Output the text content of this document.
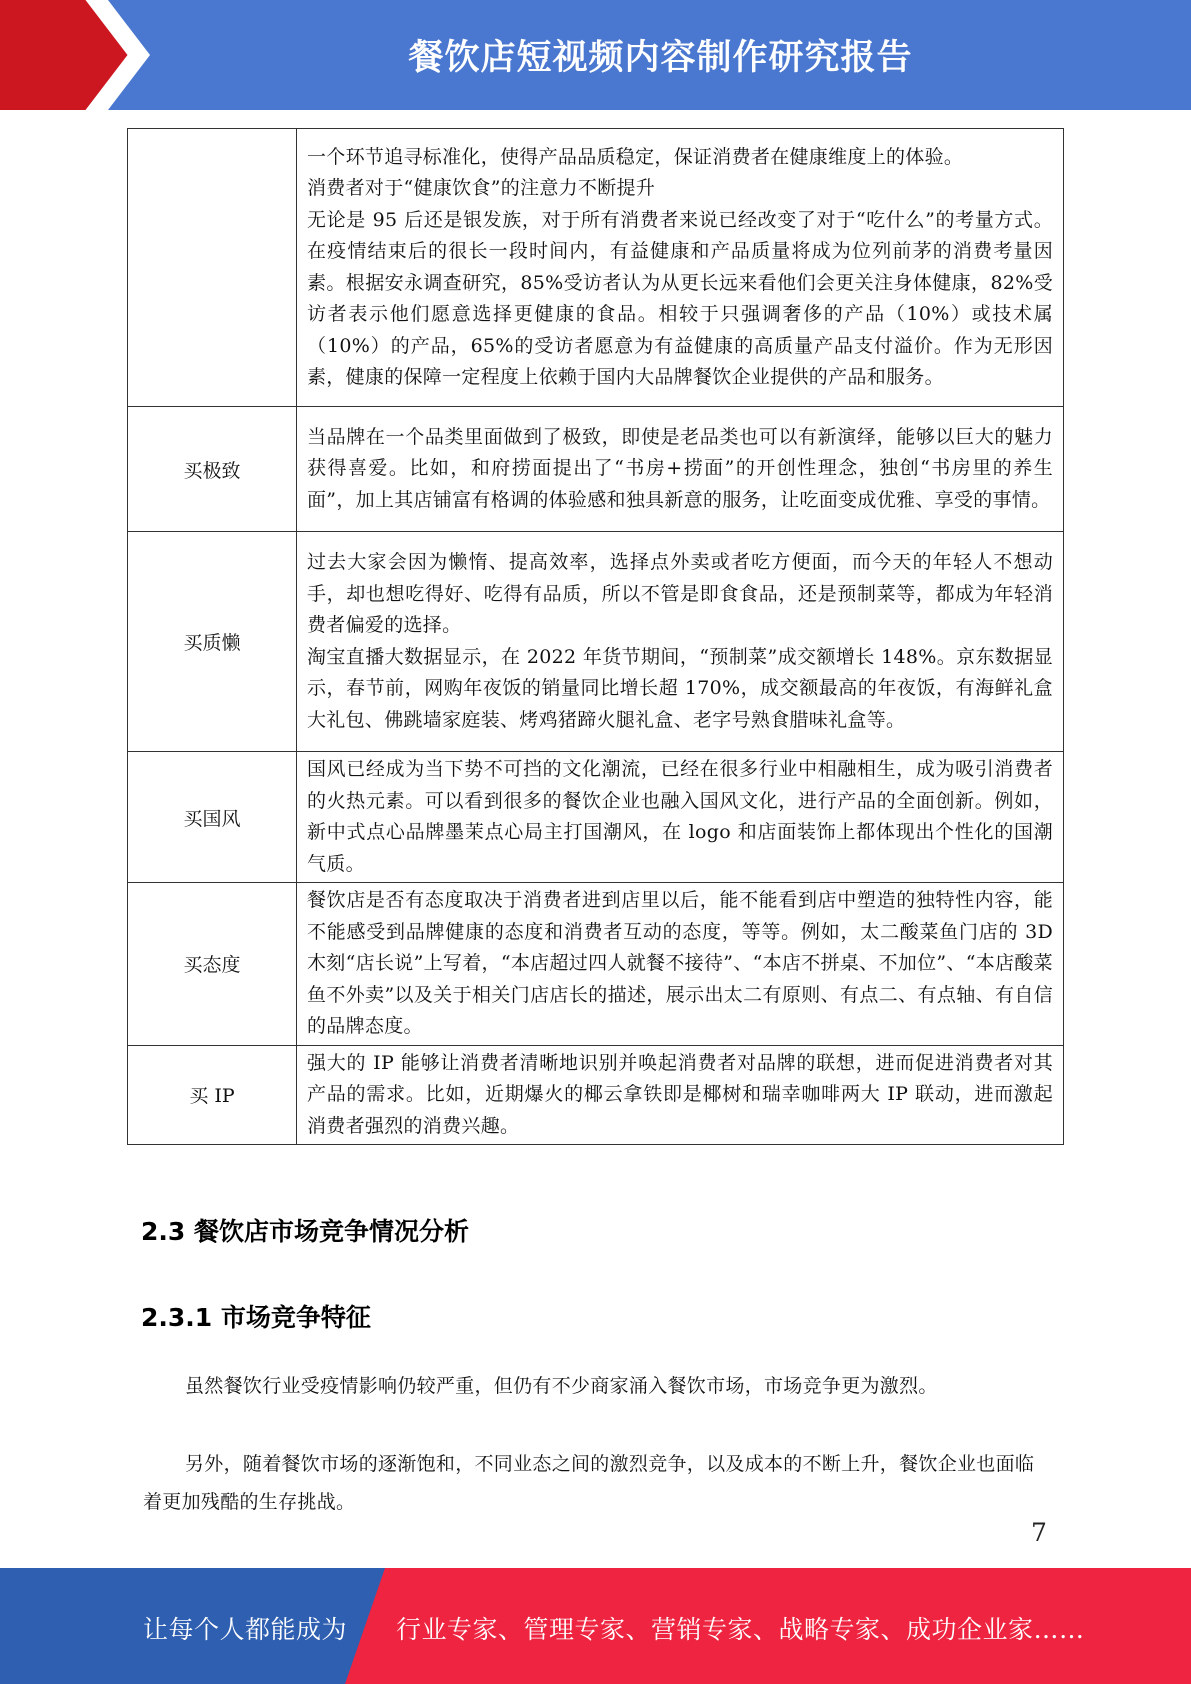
餐饮店短视频内容制作研究报告

	一个环节追寻标准化，使得产品品质稳定，保证消费者在健康维度上的体验。

消费者对于“健康饮食”的注意力不断提升

无论是 95 后还是银发族，对于所有消费者来说已经改变了对于“吃什么”的考量方式。在疫情结束后的很长一段时间内，有益健康和产品质量将成为位列前茅的消费考量因素。根据安永调查研究，85%受访者认为从更长远来看他们会更关注身体健康，82%受访者表示他们愿意选择更健康的食品。相较于只强调奢侈的产品（10%）或技术属（10%）的产品，65%的受访者愿意为有益健康的高质量产品支付溢价。作为无形因素，健康的保障一定程度上依赖于国内大品牌餐饮企业提供的产品和服务。

买极致	当品牌在一个品类里面做到了极致，即使是老品类也可以有新演绎，能够以巨大的魅力获得喜爱。比如，和府捞面提出了“书房+捞面”的开创性理念，独创“书房里的养生面”，加上其店铺富有格调的体验感和独具新意的服务，让吃面变成优雅、享受的事情。

买质懒	过去大家会因为懒惰、提高效率，选择点外卖或者吃方便面，而今天的年轻人不想动手，却也想吃得好、吃得有品质，所以不管是即食食品，还是预制菜等，都成为年轻消费者偏爱的选择。

淘宝直播大数据显示，在 2022 年货节期间，“预制菜”成交额增长 148%。京东数据显示，春节前，网购年夜饭的销量同比增长超 170%，成交额最高的年夜饭，有海鲜礼盒大礼包、佛跳墙家庭装、烤鸡猪蹄火腿礼盒、老字号熟食腊味礼盒等。

买国风	国风已经成为当下势不可挡的文化潮流，已经在很多行业中相融相生，成为吸引消费者的火热元素。可以看到很多的餐饮企业也融入国风文化，进行产品的全面创新。例如，新中式点心品牌墨茉点心局主打国潮风，在 logo 和店面装饰上都体现出个性化的国潮气质。

买态度	餐饮店是否有态度取决于消费者进到店里以后，能不能看到店中塑造的独特性内容，能不能感受到品牌健康的态度和消费者互动的态度，等等。例如，太二酸菜鱼门店的 3D 木刻“店长说”上写着，“本店超过四人就餐不接待”、“本店不拼桌、不加位”、“本店酸菜鱼不外卖”以及关于相关门店店长的描述，展示出太二有原则、有点二、有点轴、有自信的品牌态度。

买 IP	强大的 IP 能够让消费者清晰地识别并唤起消费者对品牌的联想，进而促进消费者对其产品的需求。比如，近期爆火的椰云拿铁即是椰树和瑞幸咖啡两大 IP 联动，进而激起消费者强烈的消费兴趣。

2.3 餐饮店市场竞争情况分析
2.3.1 市场竞争特征

虽然餐饮行业受疫情影响仍较严重，但仍有不少商家涌入餐饮市场，市场竞争更为激烈。

另外，随着餐饮市场的逐渐饱和，不同业态之间的激烈竞争，以及成本的不断上升，餐饮企业也面临着更加残酷的生存挑战。

7
让每个人都能成为 行业专家、管理专家、营销专家、战略专家、成功企业家……
